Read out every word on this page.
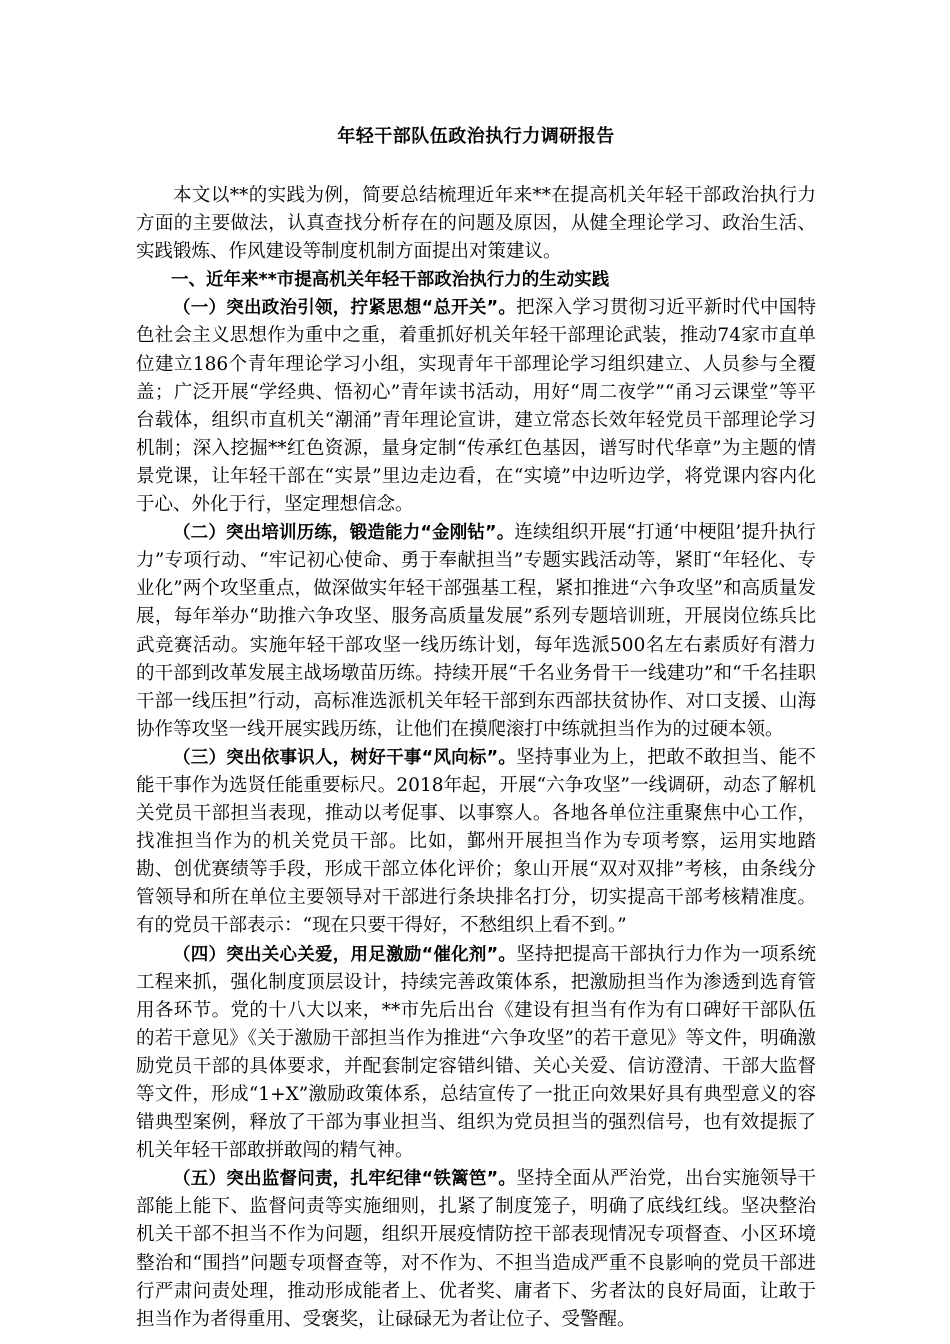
年轻干部队伍政治执行力调研报告

本文以**的实践为例，简要总结梳理近年来**在提高机关年轻干部政治执行力方面的主要做法，认真查找分析存在的问题及原因，从健全理论学习、政治生活、实践锻炼、作风建设等制度机制方面提出对策建议。

一、近年来**市提高机关年轻干部政治执行力的生动实践

（一）突出政治引领，拧紧思想“总开关”。把深入学习贯彻习近平新时代中国特色社会主义思想作为重中之重，着重抓好机关年轻干部理论武装，推动74家市直单位建立186个青年理论学习小组，实现青年干部理论学习组织建立、人员参与全覆盖；广泛开展“学经典、悟初心”青年读书活动，用好“周二夜学”“甬习云课堂”等平台载体，组织市直机关“潮涌”青年理论宣讲，建立常态长效年轻党员干部理论学习机制；深入挖掘**红色资源，量身定制“传承红色基因，谱写时代华章”为主题的情景党课，让年轻干部在“实景”里边走边看，在“实境”中边听边学，将党课内容内化于心、外化于行，坚定理想信念。

（二）突出培训历练，锻造能力“金刚钻”。连续组织开展“打通‘中梗阻’提升执行力”专项行动、“牢记初心使命、勇于奉献担当”专题实践活动等，紧盯“年轻化、专业化”两个攻坚重点，做深做实年轻干部强基工程，紧扣推进“六争攻坚”和高质量发展，每年举办“助推六争攻坚、服务高质量发展”系列专题培训班，开展岗位练兵比武竞赛活动。实施年轻干部攻坚一线历练计划，每年选派500名左右素质好有潜力的干部到改革发展主战场墩苗历练。持续开展“千名业务骨干一线建功”和“千名挂职干部一线压担”行动，高标准选派机关年轻干部到东西部扶贫协作、对口支援、山海协作等攻坚一线开展实践历练，让他们在摸爬滚打中练就担当作为的过硬本领。

（三）突出依事识人，树好干事“风向标”。坚持事业为上，把敢不敢担当、能不能干事作为选贤任能重要标尺。2018年起，开展“六争攻坚”一线调研，动态了解机关党员干部担当表现，推动以考促事、以事察人。各地各单位注重聚焦中心工作，找准担当作为的机关党员干部。比如，鄞州开展担当作为专项考察，运用实地踏勘、创优赛绩等手段，形成干部立体化评价；象山开展“双对双排”考核，由条线分管领导和所在单位主要领导对干部进行条块排名打分，切实提高干部考核精准度。有的党员干部表示：“现在只要干得好，不愁组织上看不到。”

（四）突出关心关爱，用足激励“催化剂”。坚持把提高干部执行力作为一项系统工程来抓，强化制度顶层设计，持续完善政策体系，把激励担当作为渗透到选育管用各环节。党的十八大以来，**市先后出台《建设有担当有作为有口碑好干部队伍的若干意见》《关于激励干部担当作为推进“六争攻坚”的若干意见》等文件，明确激励党员干部的具体要求，并配套制定容错纠错、关心关爱、信访澄清、干部大监督等文件，形成“1+X”激励政策体系，总结宣传了一批正向效果好具有典型意义的容错典型案例，释放了干部为事业担当、组织为党员担当的强烈信号，也有效提振了机关年轻干部敢拼敢闯的精气神。

（五）突出监督问责，扎牢纪律“铁篱笆”。坚持全面从严治党，出台实施领导干部能上能下、监督问责等实施细则，扎紧了制度笼子，明确了底线红线。坚决整治机关干部不担当不作为问题，组织开展疫情防控干部表现情况专项督查、小区环境整治和“围挡”问题专项督查等，对不作为、不担当造成严重不良影响的党员干部进行严肃问责处理，推动形成能者上、优者奖、庸者下、劣者汰的良好局面，让敢于担当作为者得重用、受褒奖，让碌碌无为者让位子、受警醒。
